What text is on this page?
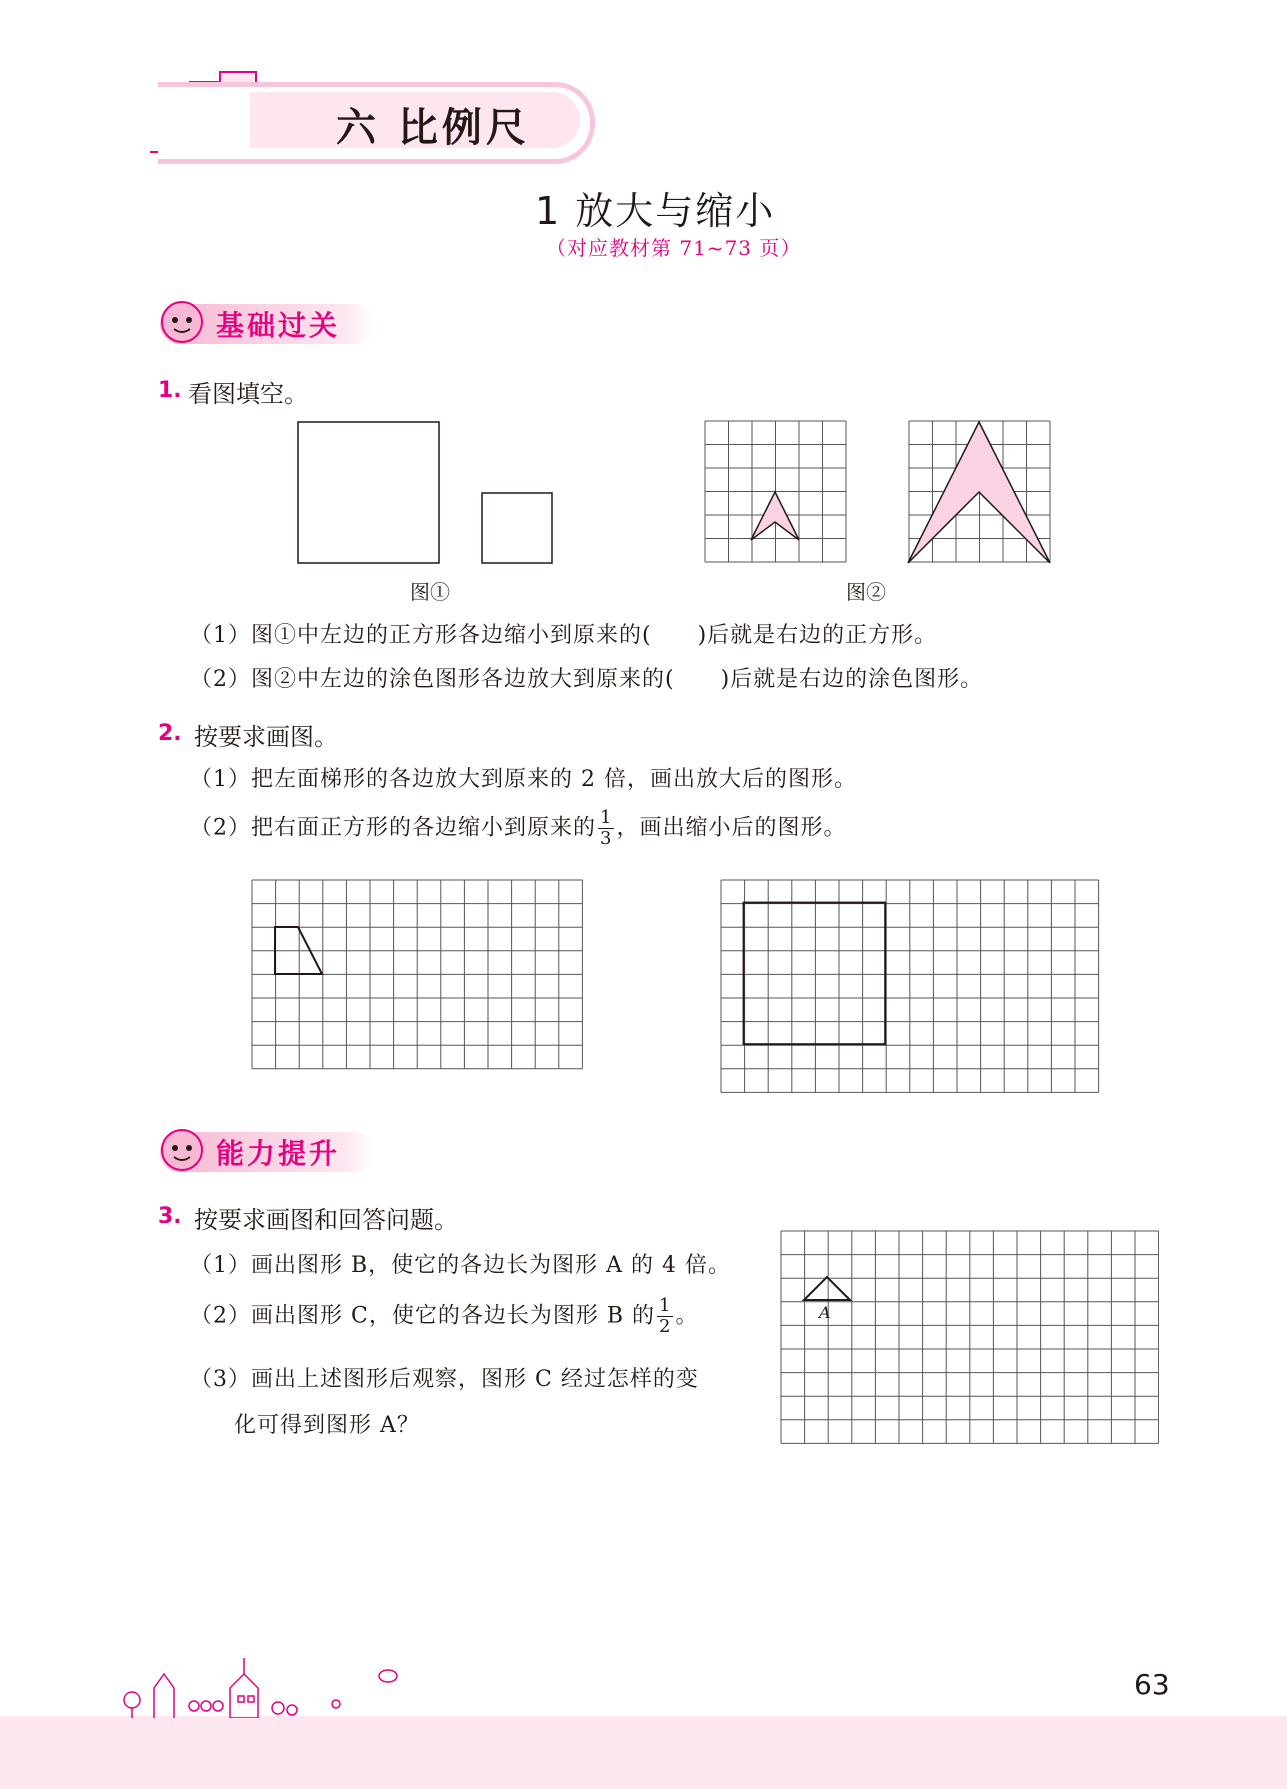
六 比例尺
1 放大与缩小
（对应教材第 71~73 页）
基础过关
1. 看图填空。
图①	图②
（1）图①中左边的正方形各边缩小到原来的(　　)后就是右边的正方形。
（2）图②中左边的涂色图形各边放大到原来的(　　)后就是右边的涂色图形。
2. 按要求画图。
（1）把左面梯形的各边放大到原来的 2 倍，画出放大后的图形。
（2）把右面正方形的各边缩小到原来的 $\frac{1}{3}$ ，画出缩小后的图形。
能力提升
3. 按要求画图和回答问题。
（1）画出图形 B，使它的各边长为图形 A 的 4 倍。
（2）画出图形 C，使它的各边长为图形 B 的 $\frac{1}{2}$ 。
（3）画出上述图形后观察，图形 C 经过怎样的变
化可得到图形 A？
A
63
